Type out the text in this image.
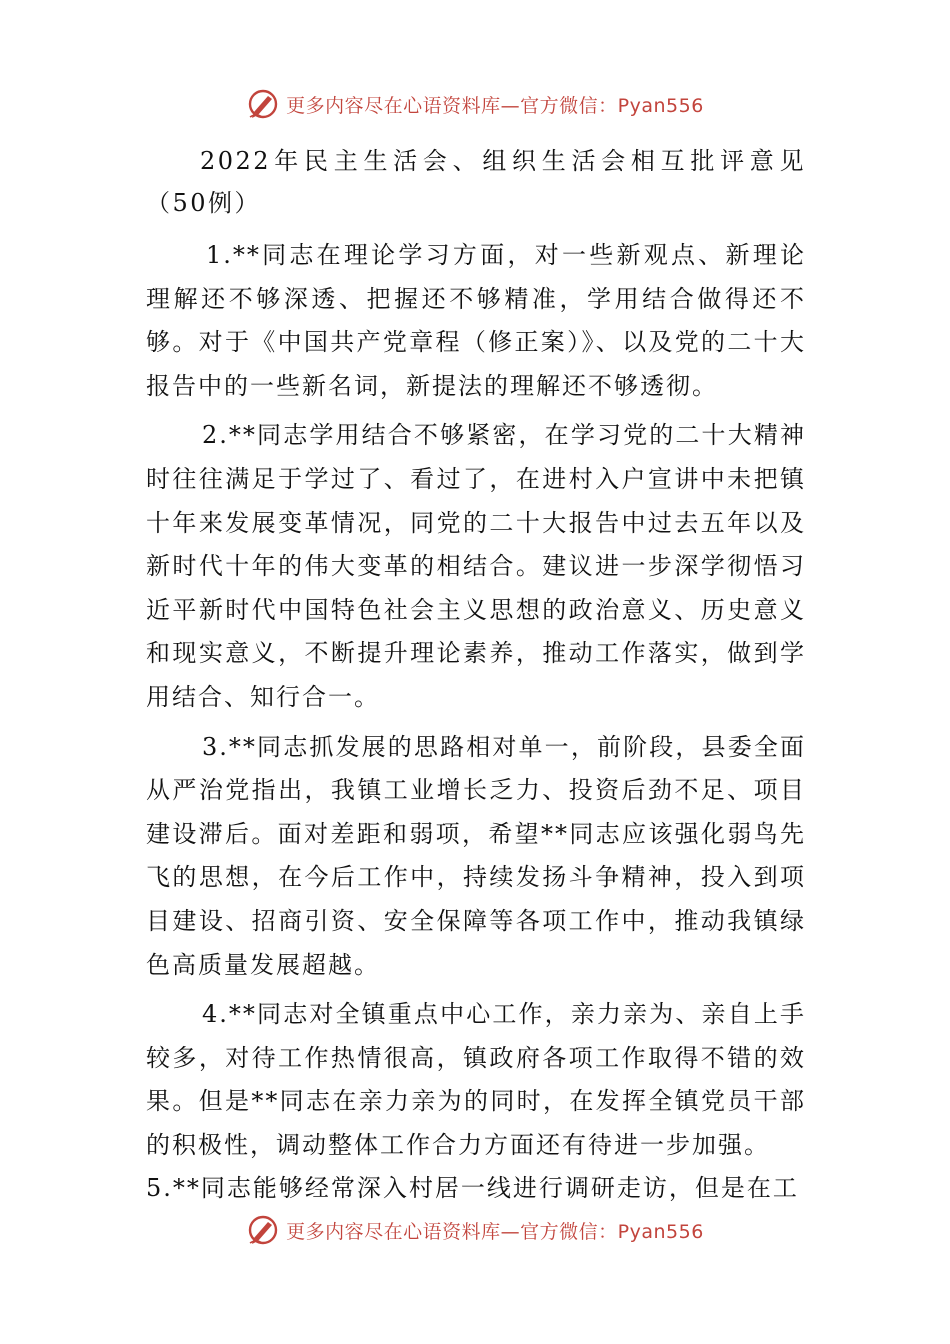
更多内容尽在心语资料库—官方微信：Pyan556

2022年民主生活会、组织生活会相互批评意见（50例）

1.**同志在理论学习方面，对一些新观点、新理论理解还不够深透、把握还不够精准，学用结合做得还不够。对于《中国共产党章程（修正案）》、以及党的二十大报告中的一些新名词，新提法的理解还不够透彻。

2.**同志学用结合不够紧密，在学习党的二十大精神时往往满足于学过了、看过了，在进村入户宣讲中未把镇十年来发展变革情况，同党的二十大报告中过去五年以及新时代十年的伟大变革的相结合。建议进一步深学彻悟习近平新时代中国特色社会主义思想的政治意义、历史意义和现实意义，不断提升理论素养，推动工作落实，做到学用结合、知行合一。

3.**同志抓发展的思路相对单一，前阶段，县委全面从严治党指出，我镇工业增长乏力、投资后劲不足、项目建设滞后。面对差距和弱项，希望**同志应该强化弱鸟先飞的思想，在今后工作中，持续发扬斗争精神，投入到项目建设、招商引资、安全保障等各项工作中，推动我镇绿色高质量发展超越。

4.**同志对全镇重点中心工作，亲力亲为、亲自上手较多，对待工作热情很高，镇政府各项工作取得不错的效果。但是**同志在亲力亲为的同时，在发挥全镇党员干部的积极性，调动整体工作合力方面还有待进一步加强。

5.**同志能够经常深入村居一线进行调研走访，但是在工

更多内容尽在心语资料库—官方微信：Pyan556
